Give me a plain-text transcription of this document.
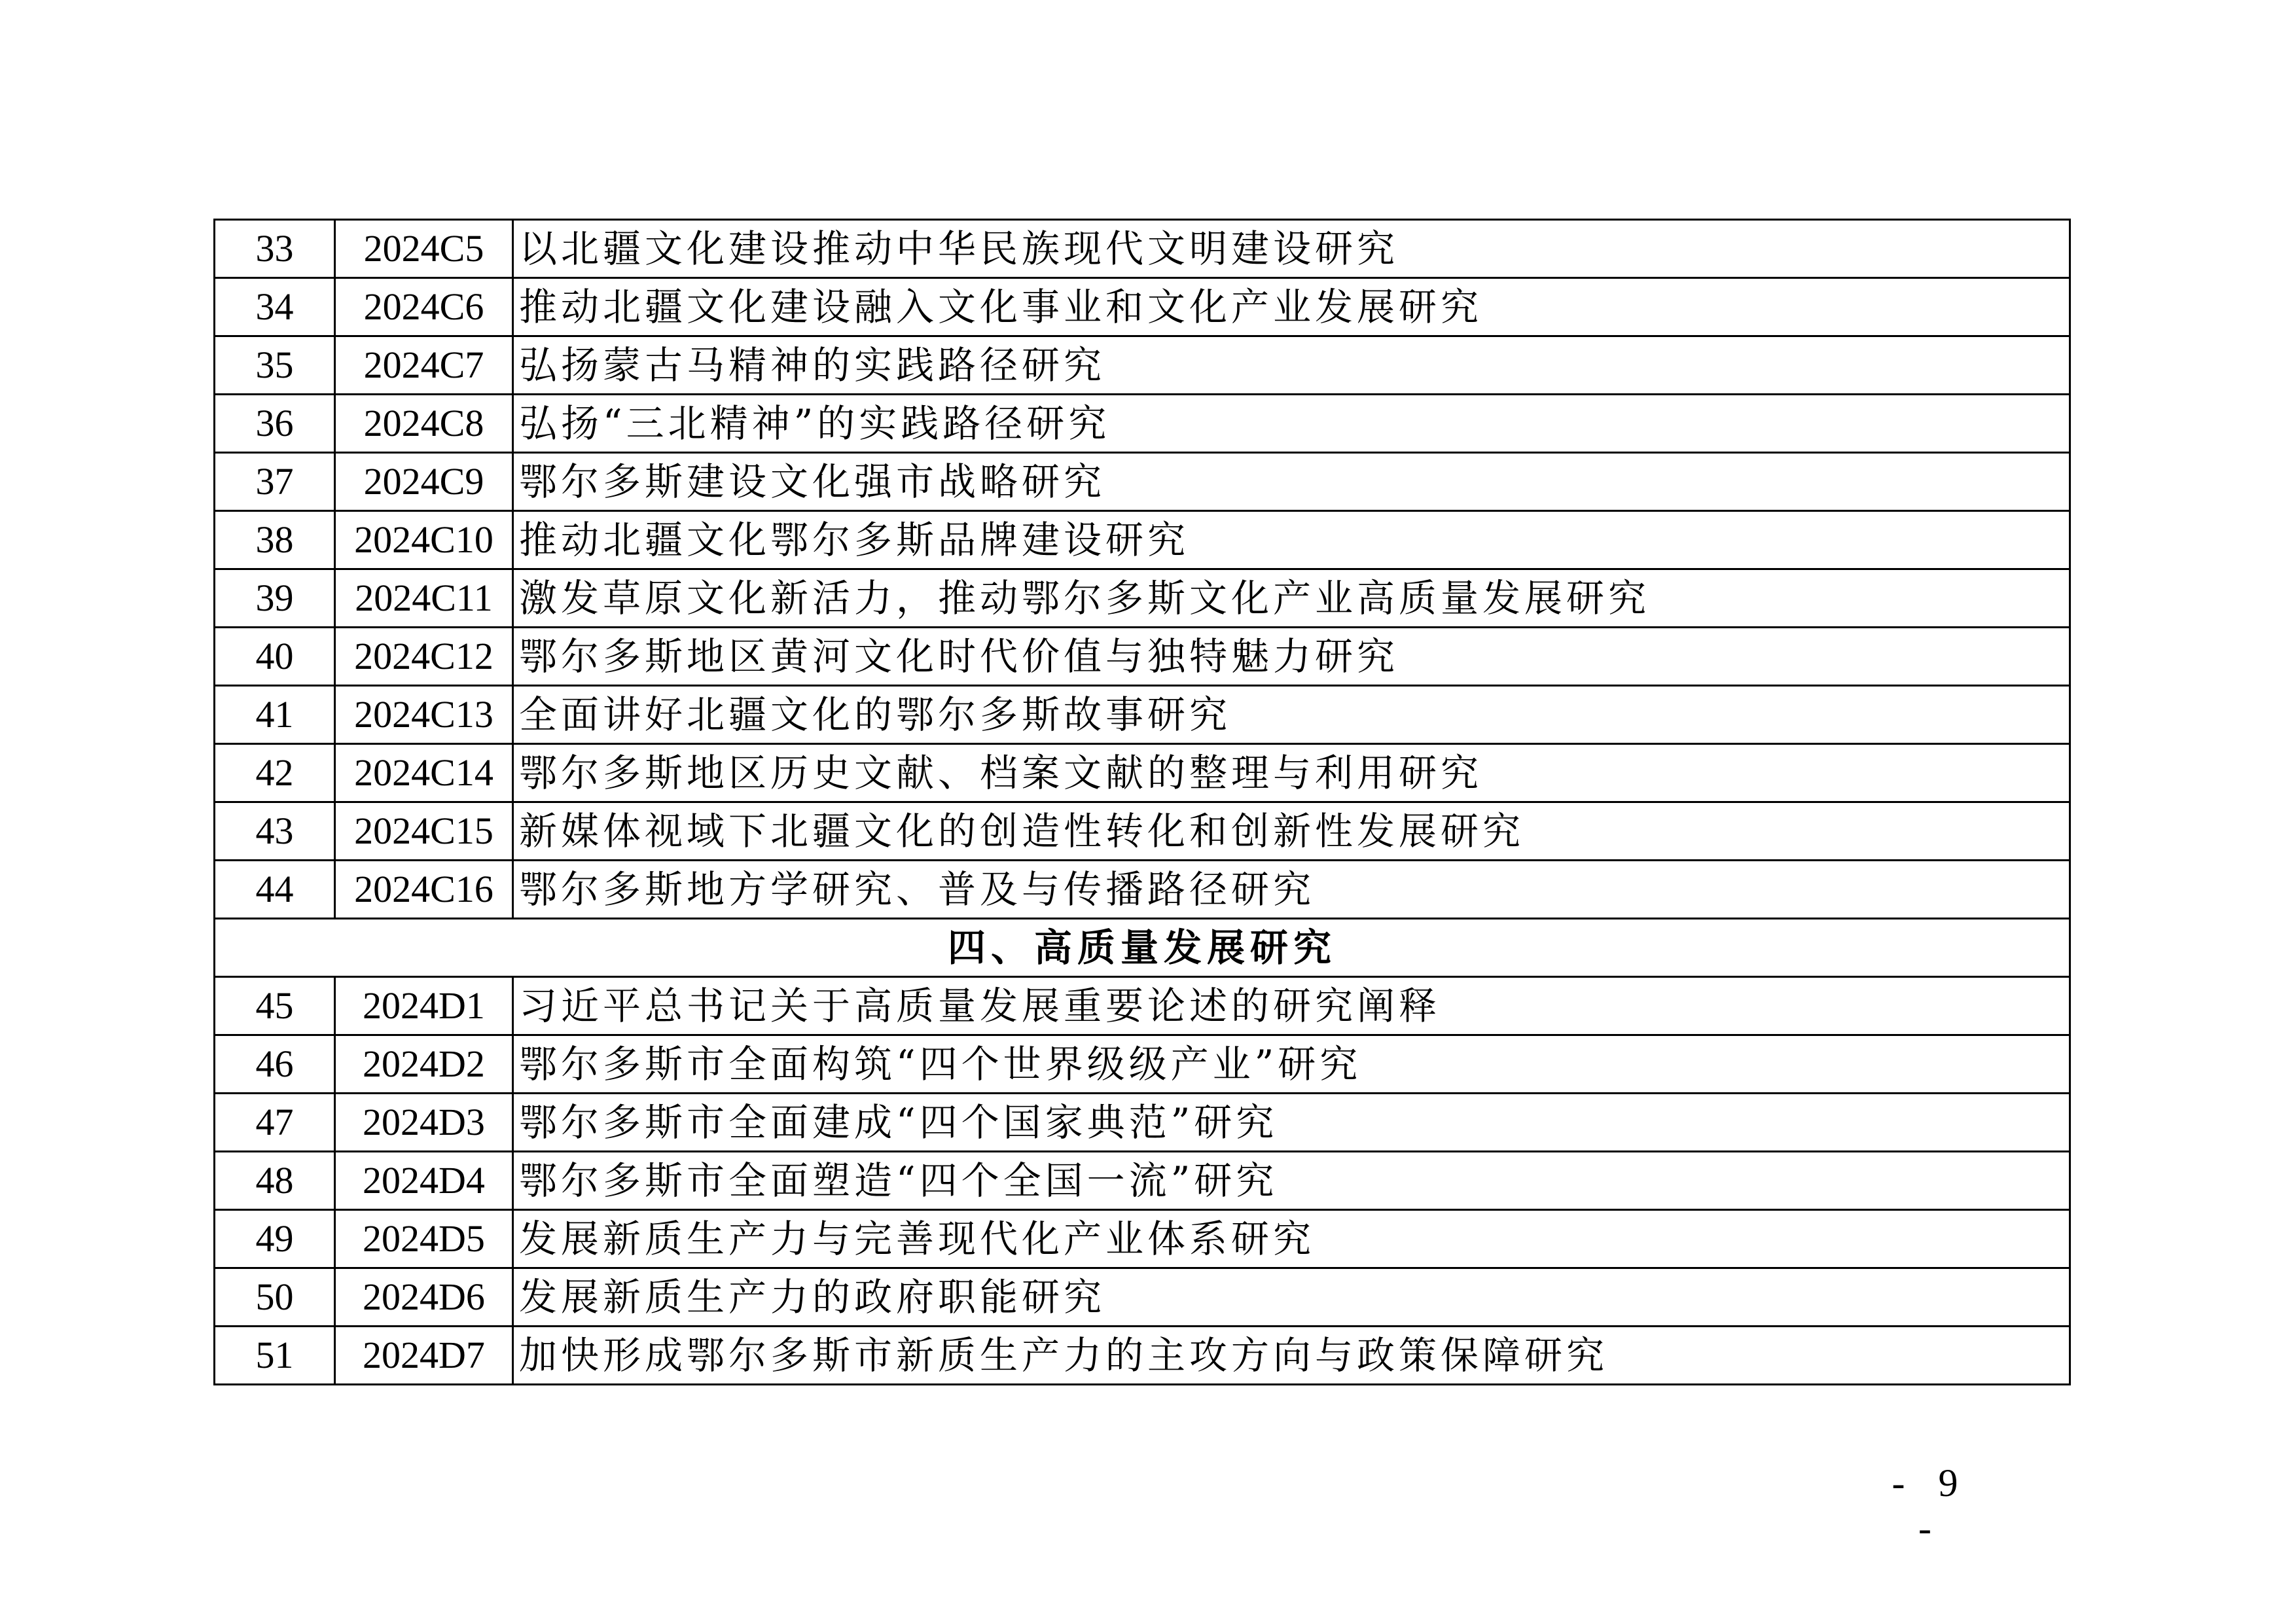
33	2024C5	以北疆文化建设推动中华民族现代文明建设研究
34	2024C6	推动北疆文化建设融入文化事业和文化产业发展研究
35	2024C7	弘扬蒙古马精神的实践路径研究
36	2024C8	弘扬“三北精神”的实践路径研究
37	2024C9	鄂尔多斯建设文化强市战略研究
38	2024C10	推动北疆文化鄂尔多斯品牌建设研究
39	2024C11	激发草原文化新活力，推动鄂尔多斯文化产业高质量发展研究
40	2024C12	鄂尔多斯地区黄河文化时代价值与独特魅力研究
41	2024C13	全面讲好北疆文化的鄂尔多斯故事研究
42	2024C14	鄂尔多斯地区历史文献、档案文献的整理与利用研究
43	2024C15	新媒体视域下北疆文化的创造性转化和创新性发展研究
44	2024C16	鄂尔多斯地方学研究、普及与传播路径研究
四、高质量发展研究		
45	2024D1	习近平总书记关于高质量发展重要论述的研究阐释
46	2024D2	鄂尔多斯市全面构筑“四个世界级级产业”研究
47	2024D3	鄂尔多斯市全面建成“四个国家典范”研究
48	2024D4	鄂尔多斯市全面塑造“四个全国一流”研究
49	2024D5	发展新质生产力与完善现代化产业体系研究
50	2024D6	发展新质生产力的政府职能研究
51	2024D7	加快形成鄂尔多斯市新质生产力的主攻方向与政策保障研究
- 9 -
